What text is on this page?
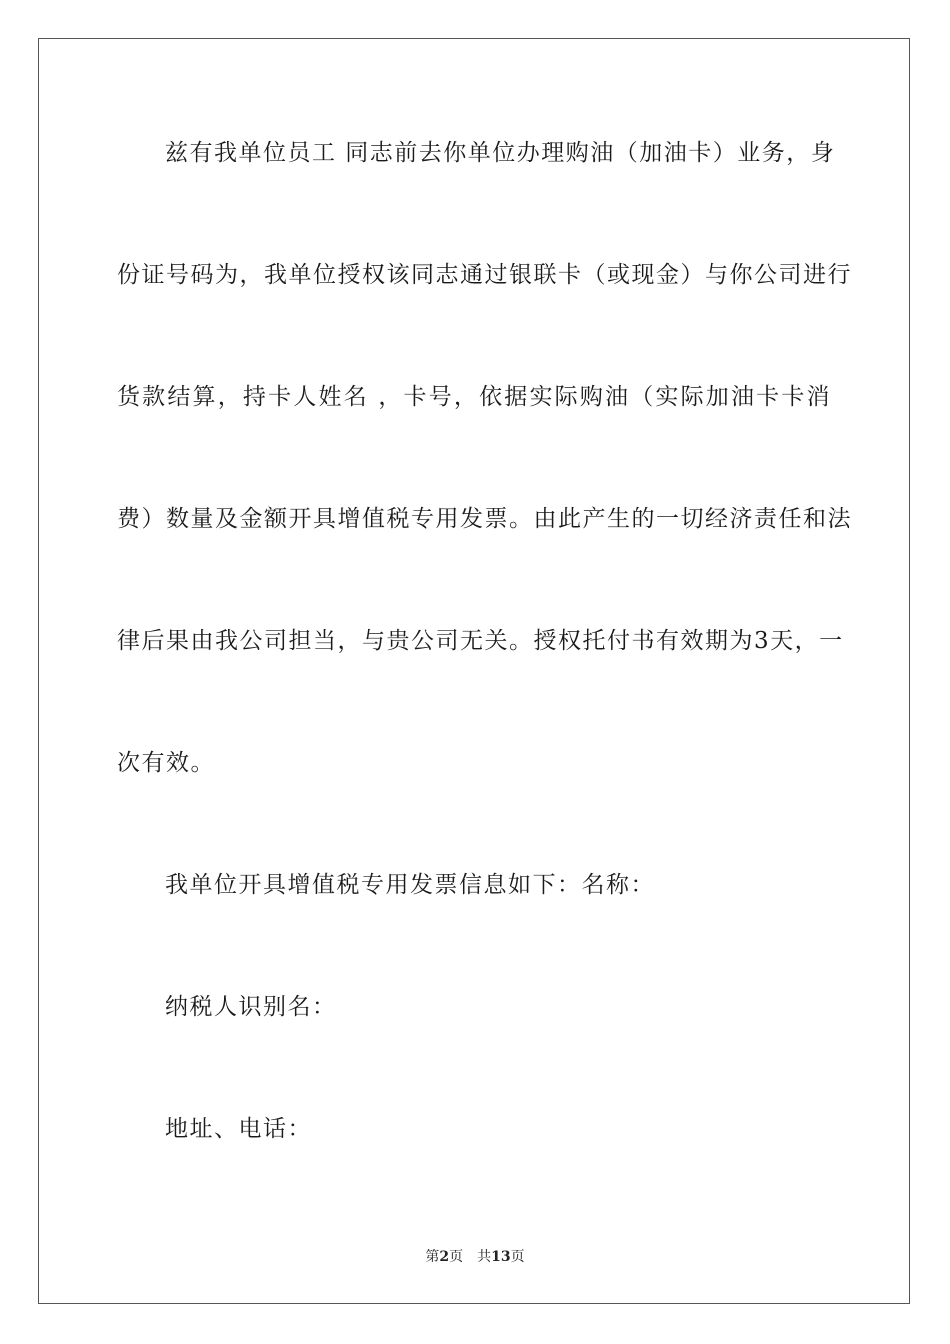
兹有我单位员工 同志前去你单位办理购油（加油卡）业务，身
份证号码为，我单位授权该同志通过银联卡（或现金）与你公司进行
货款结算，持卡人姓名 ，卡号，依据实际购油（实际加油卡卡消
费）数量及金额开具增值税专用发票。由此产生的一切经济责任和法
律后果由我公司担当，与贵公司无关。授权托付书有效期为3天，一
次有效。
我单位开具增值税专用发票信息如下：名称：
纳税人识别名：
地址、电话：
第2页 共13页
